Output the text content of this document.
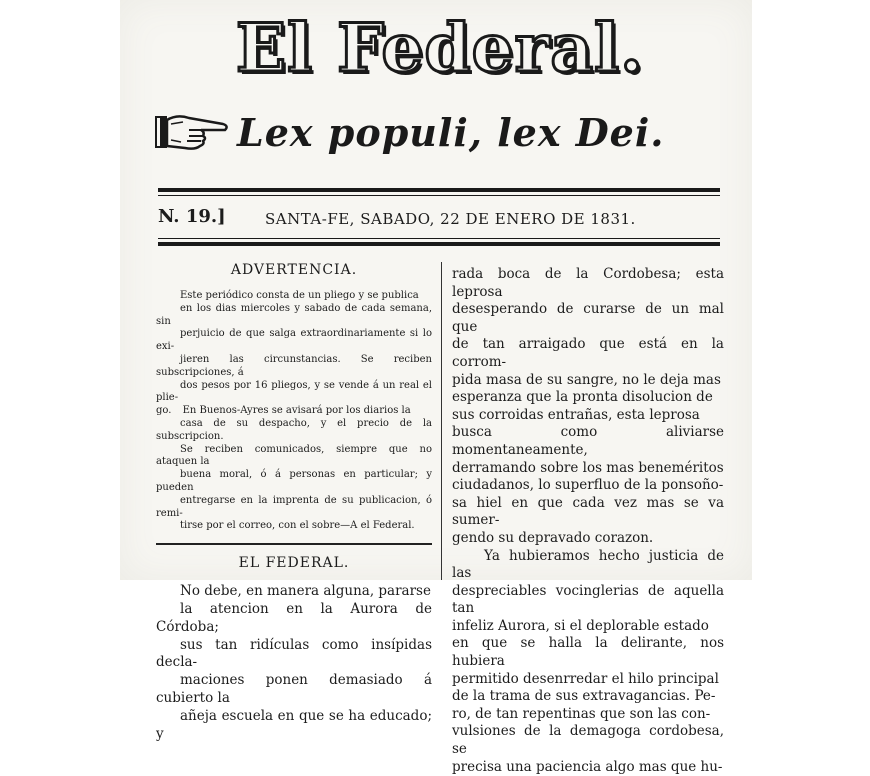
El Federal.
Lex populi, lex Dei.
N. 19.]	SANTA-FE, SABADO, 22 DE ENERO DE 1831.
ADVERTENCIA.

Este periódico consta de un pliego y se publica
en los dias miercoles y sabado de cada semana, sin
perjuicio de que salga extraordinariamente si lo exi-
jieren las circunstancias. Se reciben subscripciones, á
dos pesos por 16 pliegos, y se vende á un real el plie-
go. En Buenos-Ayres se avisará por los diarios la
casa de su despacho, y el precio de la subscripcion.
Se reciben comunicados, siempre que no ataquen la
buena moral, ó á personas en particular; y pueden
entregarse en la imprenta de su publicacion, ó remi-
tirse por el correo, con el sobre—A el Federal.

EL FEDERAL.

No debe, en manera alguna, pararse
la atencion en la Aurora de Córdoba;
sus tan ridículas como insípidas decla-
maciones ponen demasiado á cubierto la
añeja escuela en que se ha educado; y

rada boca de la Cordobesa; esta leprosa
desesperando de curarse de un mal que
de tan arraigado que está en la corrom-
pida masa de su sangre, no le deja mas
esperanza que la pronta disolucion de
sus corroidas entrañas, esta leprosa
busca como aliviarse momentaneamente,
derramando sobre los mas beneméritos
ciudadanos, lo superfluo de la ponsoño-
sa hiel en que cada vez mas se va sumer-
gendo su depravado corazon.

Ya hubieramos hecho justicia de las
despreciables vocinglerias de aquella tan
infeliz Aurora, si el deplorable estado
en que se halla la delirante, nos hubiera
permitido desenrredar el hilo principal
de la trama de sus extravagancias. Pe-
ro, de tan repentinas que son las con-
vulsiones de la demagoga cordobesa, se
precisa una paciencia algo mas que hu-
